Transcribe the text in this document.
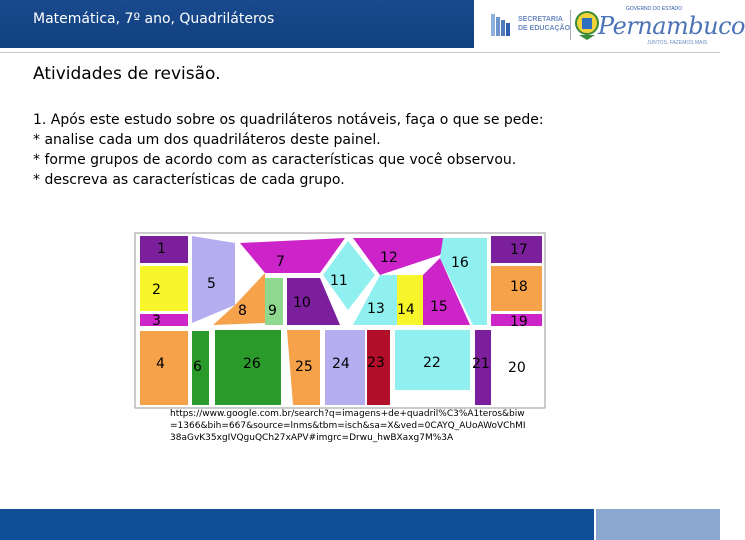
Matemática, 7º ano, Quadriláteros	SECRETARIA
DE EDUCAÇÃO
GOVERNO DO ESTADO
Pernambuco
JUNTOS, FAZEMOS MAIS
Atividades de revisão.
1. Após este estudo sobre os quadriláteros notáveis, faça o que se pede:
* analise cada um dos quadriláteros deste painel.
* forme grupos de acordo com as características que você observou.
* descreva as características de cada grupo.
1
2
3
4
5
6
7
8 9 10
11
12
13 14 15
16
17
18
19
20
21
22
23
24
25
26
https://www.google.com.br/search?q=imagens+de+quadril%C3%A1teros&biw=1366&bih=667&source=lnms&tbm=isch&sa=X&ved=0CAYQ_AUoAWoVChMI38aGvK35xgIVQguQCh27xAPV#imgrc=Drwu_hwBXaxg7M%3A
